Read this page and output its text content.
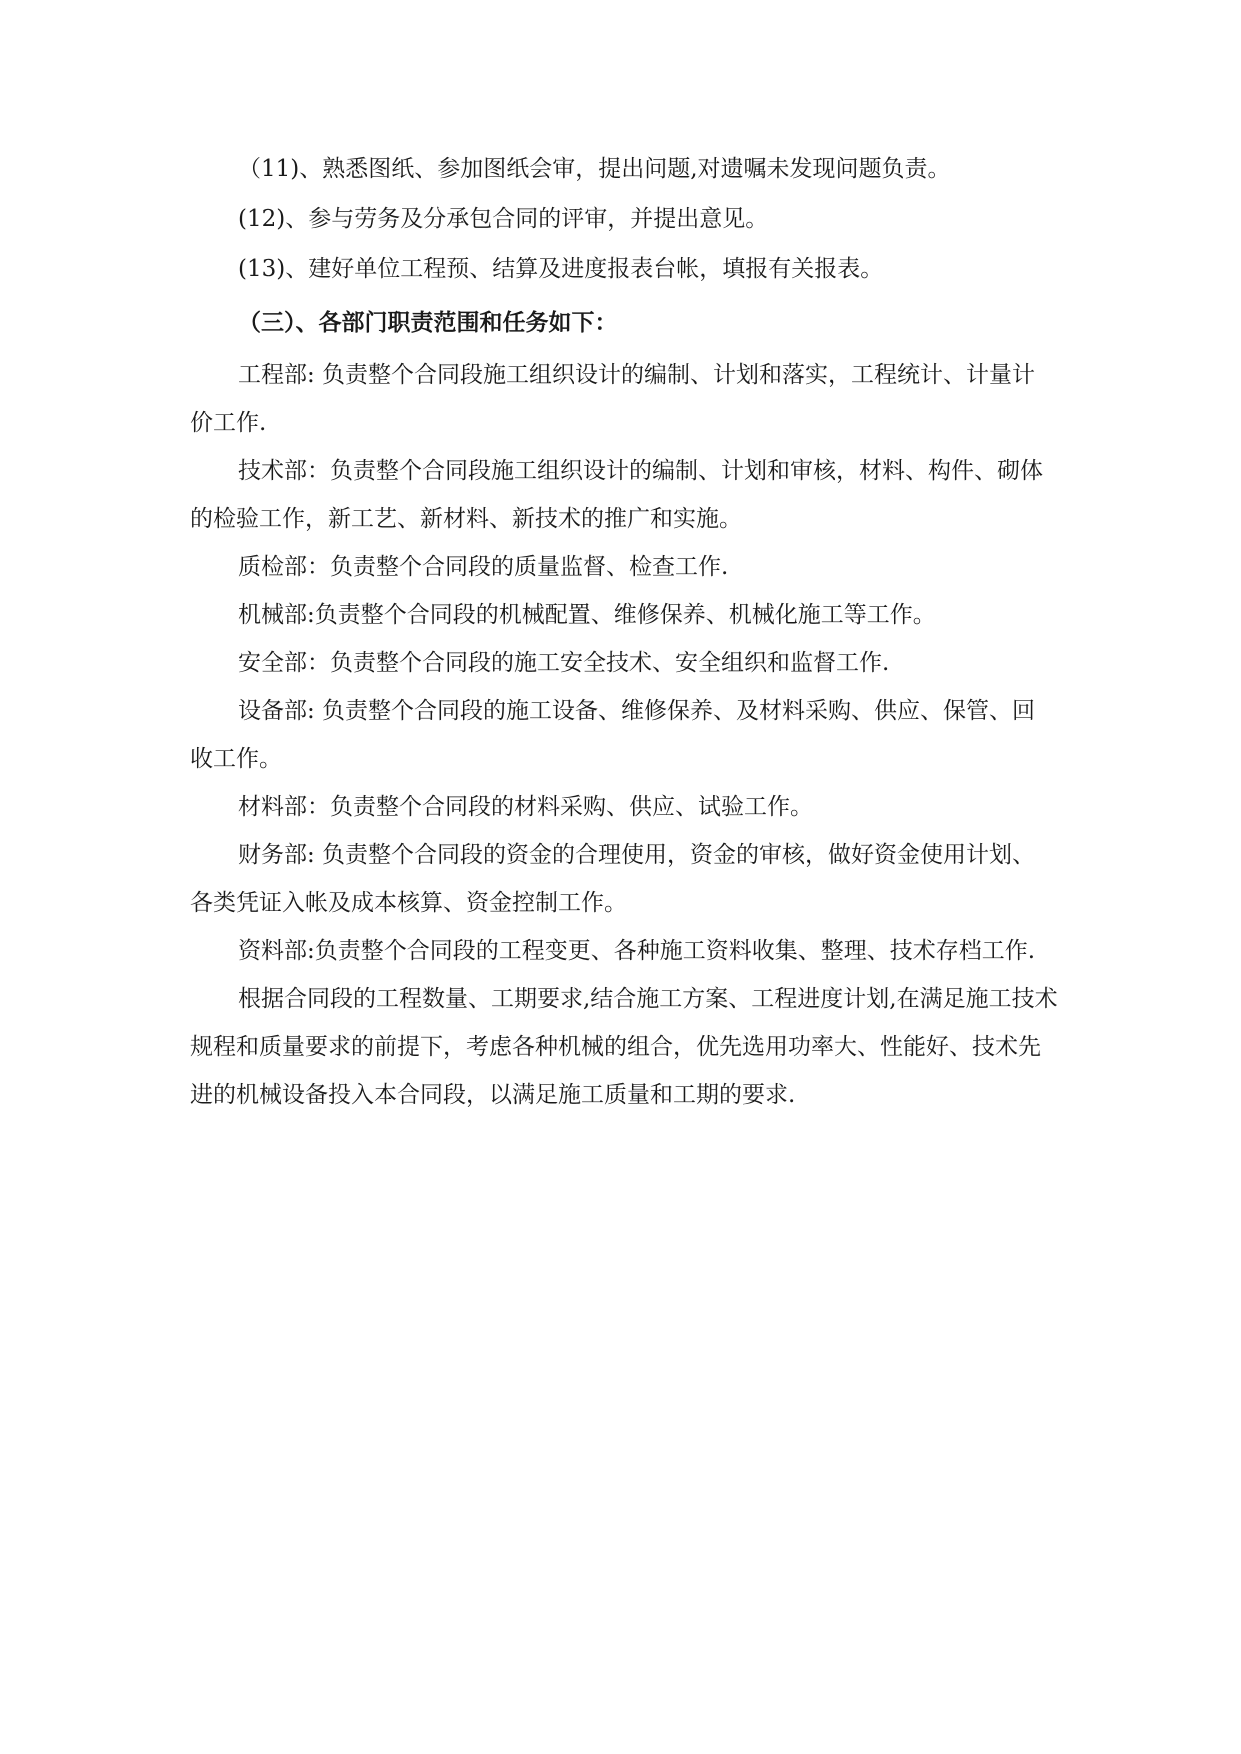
（11)、熟悉图纸、参加图纸会审，提出问题,对遗嘱未发现问题负责。

(12)、参与劳务及分承包合同的评审，并提出意见。

(13)、建好单位工程预、结算及进度报表台帐，填报有关报表。

（三）、各部门职责范围和任务如下：

工程部: 负责整个合同段施工组织设计的编制、计划和落实，工程统计、计量计价工作.

技术部：负责整个合同段施工组织设计的编制、计划和审核，材料、构件、砌体的检验工作，新工艺、新材料、新技术的推广和实施。

质检部：负责整个合同段的质量监督、检查工作.

机械部:负责整个合同段的机械配置、维修保养、机械化施工等工作。

安全部：负责整个合同段的施工安全技术、安全组织和监督工作.

设备部: 负责整个合同段的施工设备、维修保养、及材料采购、供应、保管、回收工作。

材料部：负责整个合同段的材料采购、供应、试验工作。

财务部: 负责整个合同段的资金的合理使用，资金的审核，做好资金使用计划、各类凭证入帐及成本核算、资金控制工作。

资料部:负责整个合同段的工程变更、各种施工资料收集、整理、技术存档工作.

根据合同段的工程数量、工期要求,结合施工方案、工程进度计划,在满足施工技术规程和质量要求的前提下，考虑各种机械的组合，优先选用功率大、性能好、技术先进的机械设备投入本合同段，以满足施工质量和工期的要求.
